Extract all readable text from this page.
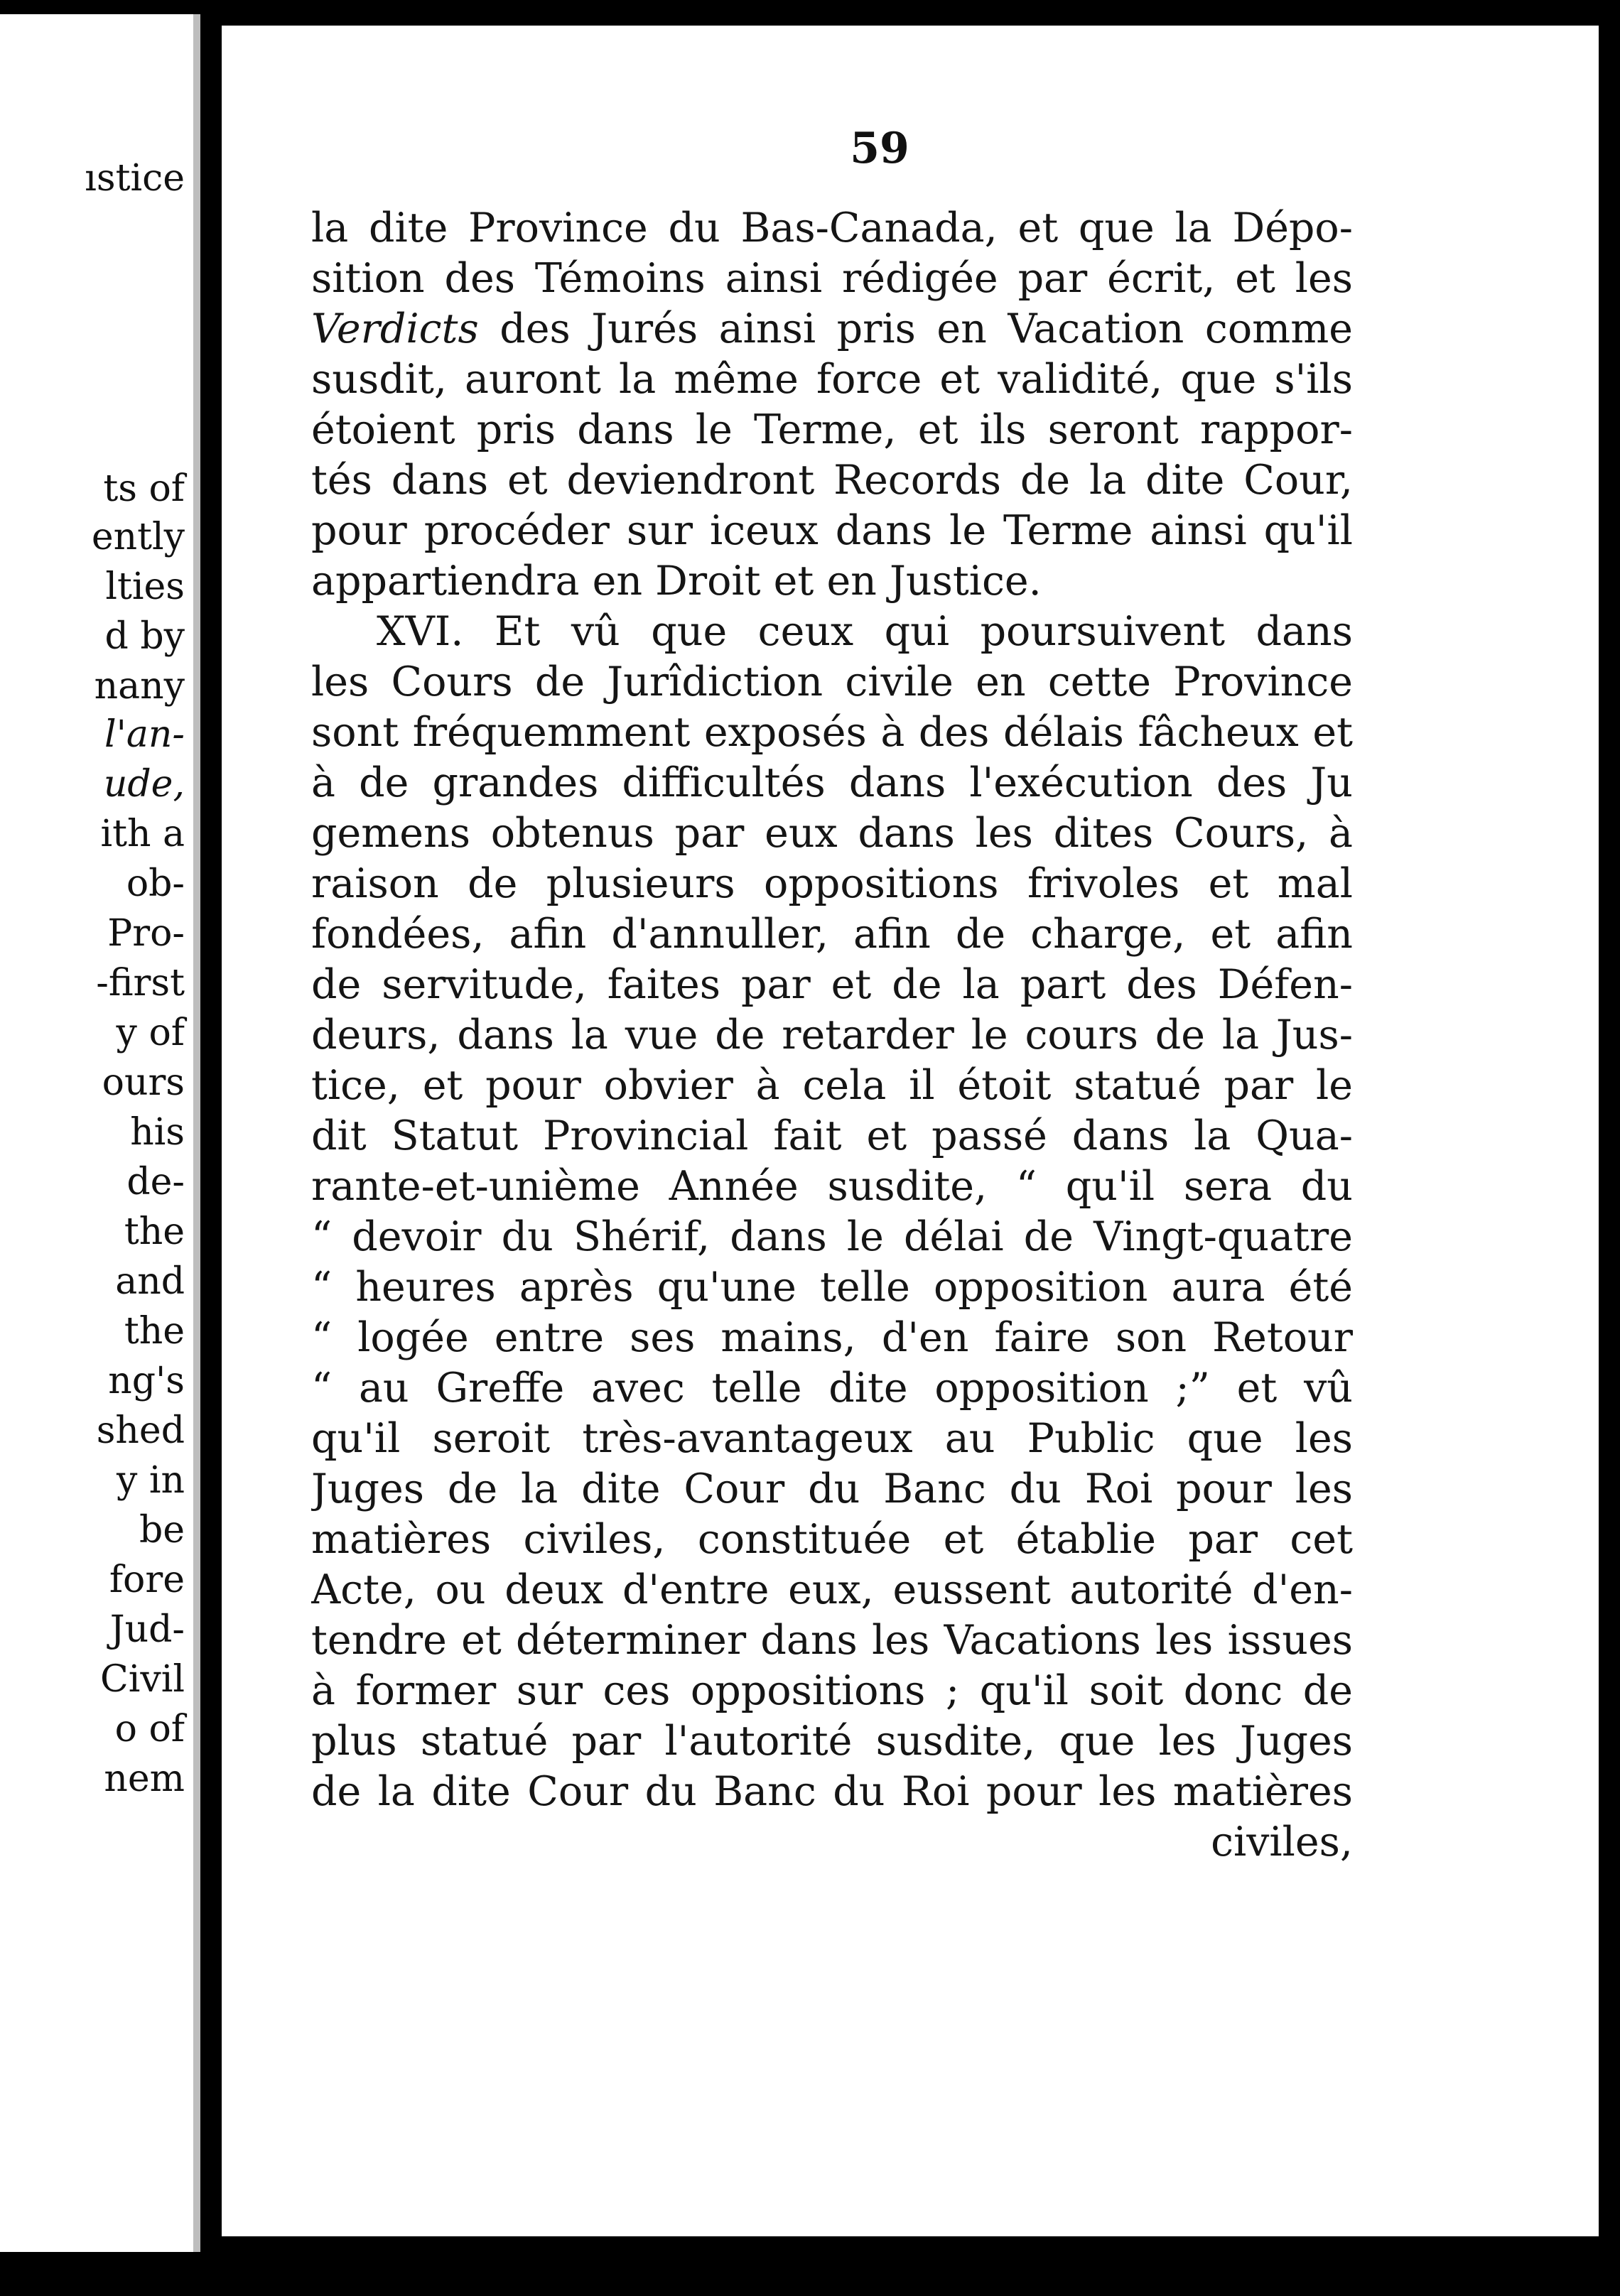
ıstice

ts of

ently

lties

d by

nany

l'an-

ude,

ith a

ob-

Pro-

-first

y of

ours

his

de-

the

and

the

ng's

shed

y in

be

fore

Jud-

Civil

o of

nem

59

la dite Province du Bas-Canada, et que la Dépo-
sition des Témoins ainsi rédigée par écrit, et les
Verdicts des Jurés ainsi pris en Vacation comme
susdit, auront la même force et validité, que s'ils
étoient pris dans le Terme, et ils seront rappor-
tés dans et deviendront Records de la dite Cour,
pour procéder sur iceux dans le Terme ainsi qu'il
appartiendra en Droit et en Justice.
XVI. Et vû que ceux qui poursuivent dans
les Cours de Jurîdiction civile en cette Province
sont fréquemment exposés à des délais fâcheux et
à de grandes difficultés dans l'exécution des Ju
gemens obtenus par eux dans les dites Cours, à
raison de plusieurs oppositions frivoles et mal
fondées, afin d'annuller, afin de charge, et afin
de servitude, faites par et de la part des Défen-
deurs, dans la vue de retarder le cours de la Jus-
tice, et pour obvier à cela il étoit statué par le
dit Statut Provincial fait et passé dans la Qua-
rante-et-unième Année susdite, “ qu'il sera du
“ devoir du Shérif, dans le délai de Vingt-quatre
“ heures après qu'une telle opposition aura été
“ logée entre ses mains, d'en faire son Retour
“ au Greffe avec telle dite opposition ;” et vû
qu'il seroit très-avantageux au Public que les
Juges de la dite Cour du Banc du Roi pour les
matières civiles, constituée et établie par cet
Acte, ou deux d'entre eux, eussent autorité d'en-
tendre et déterminer dans les Vacations les issues
à former sur ces oppositions ; qu'il soit donc de
plus statué par l'autorité susdite, que les Juges
de la dite Cour du Banc du Roi pour les matières
civiles,
